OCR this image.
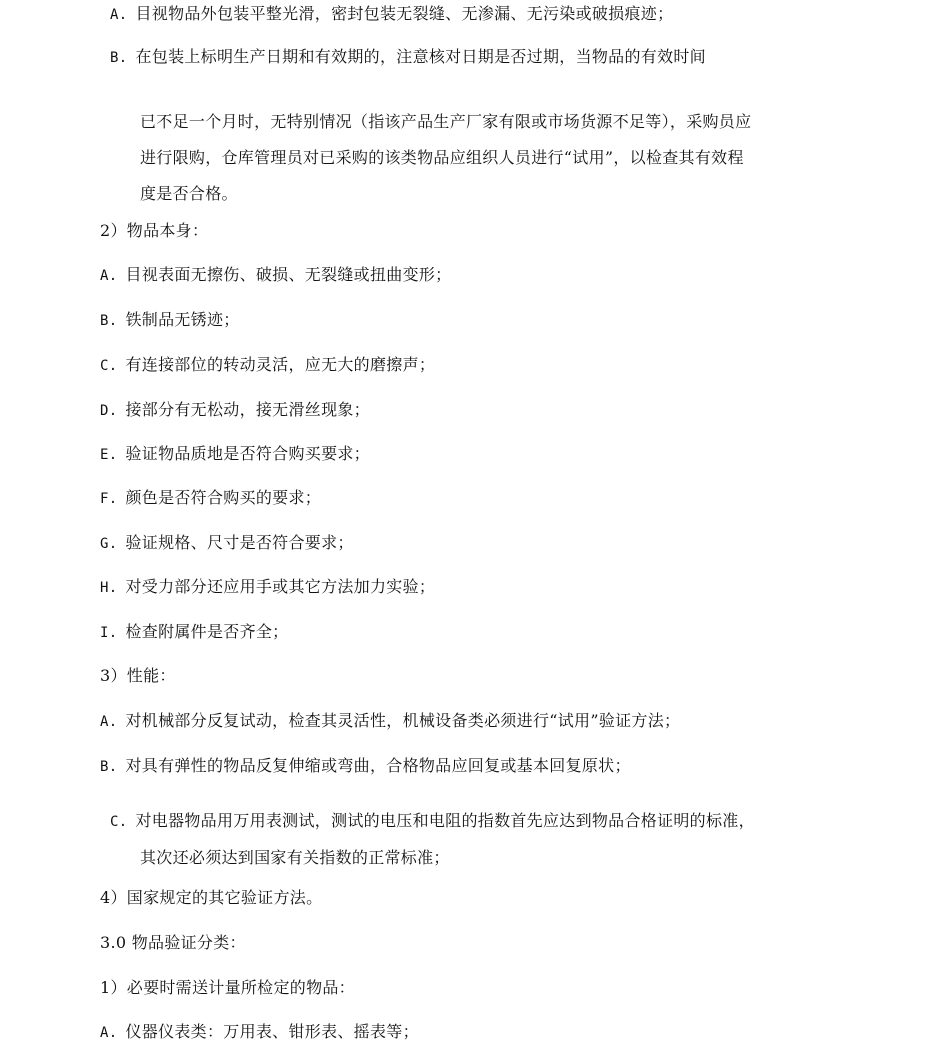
A. 目视物品外包装平整光滑，密封包装无裂缝、无渗漏、无污染或破损痕迹；
B. 在包装上标明生产日期和有效期的，注意核对日期是否过期，当物品的有效时间
已不足一个月时，无特别情况（指该产品生产厂家有限或市场货源不足等），采购员应
进行限购，仓库管理员对已采购的该类物品应组织人员进行“试用”，以检查其有效程
度是否合格。
2）物品本身：
A. 目视表面无擦伤、破损、无裂缝或扭曲变形；
B. 铁制品无锈迹；
C. 有连接部位的转动灵活，应无大的磨擦声；
D. 接部分有无松动，接无滑丝现象；
E. 验证物品质地是否符合购买要求；
F. 颜色是否符合购买的要求；
G. 验证规格、尺寸是否符合要求；
H. 对受力部分还应用手或其它方法加力实验；
I. 检查附属件是否齐全；
3）性能：
A. 对机械部分反复试动，检查其灵活性，机械设备类必须进行“试用”验证方法；
B. 对具有弹性的物品反复伸缩或弯曲，合格物品应回复或基本回复原状；
C. 对电器物品用万用表测试，测试的电压和电阻的指数首先应达到物品合格证明的标准，
其次还必须达到国家有关指数的正常标准；
4）国家规定的其它验证方法。
3.0 物品验证分类：
1）必要时需送计量所检定的物品：
A. 仪器仪表类：万用表、钳形表、摇表等；
